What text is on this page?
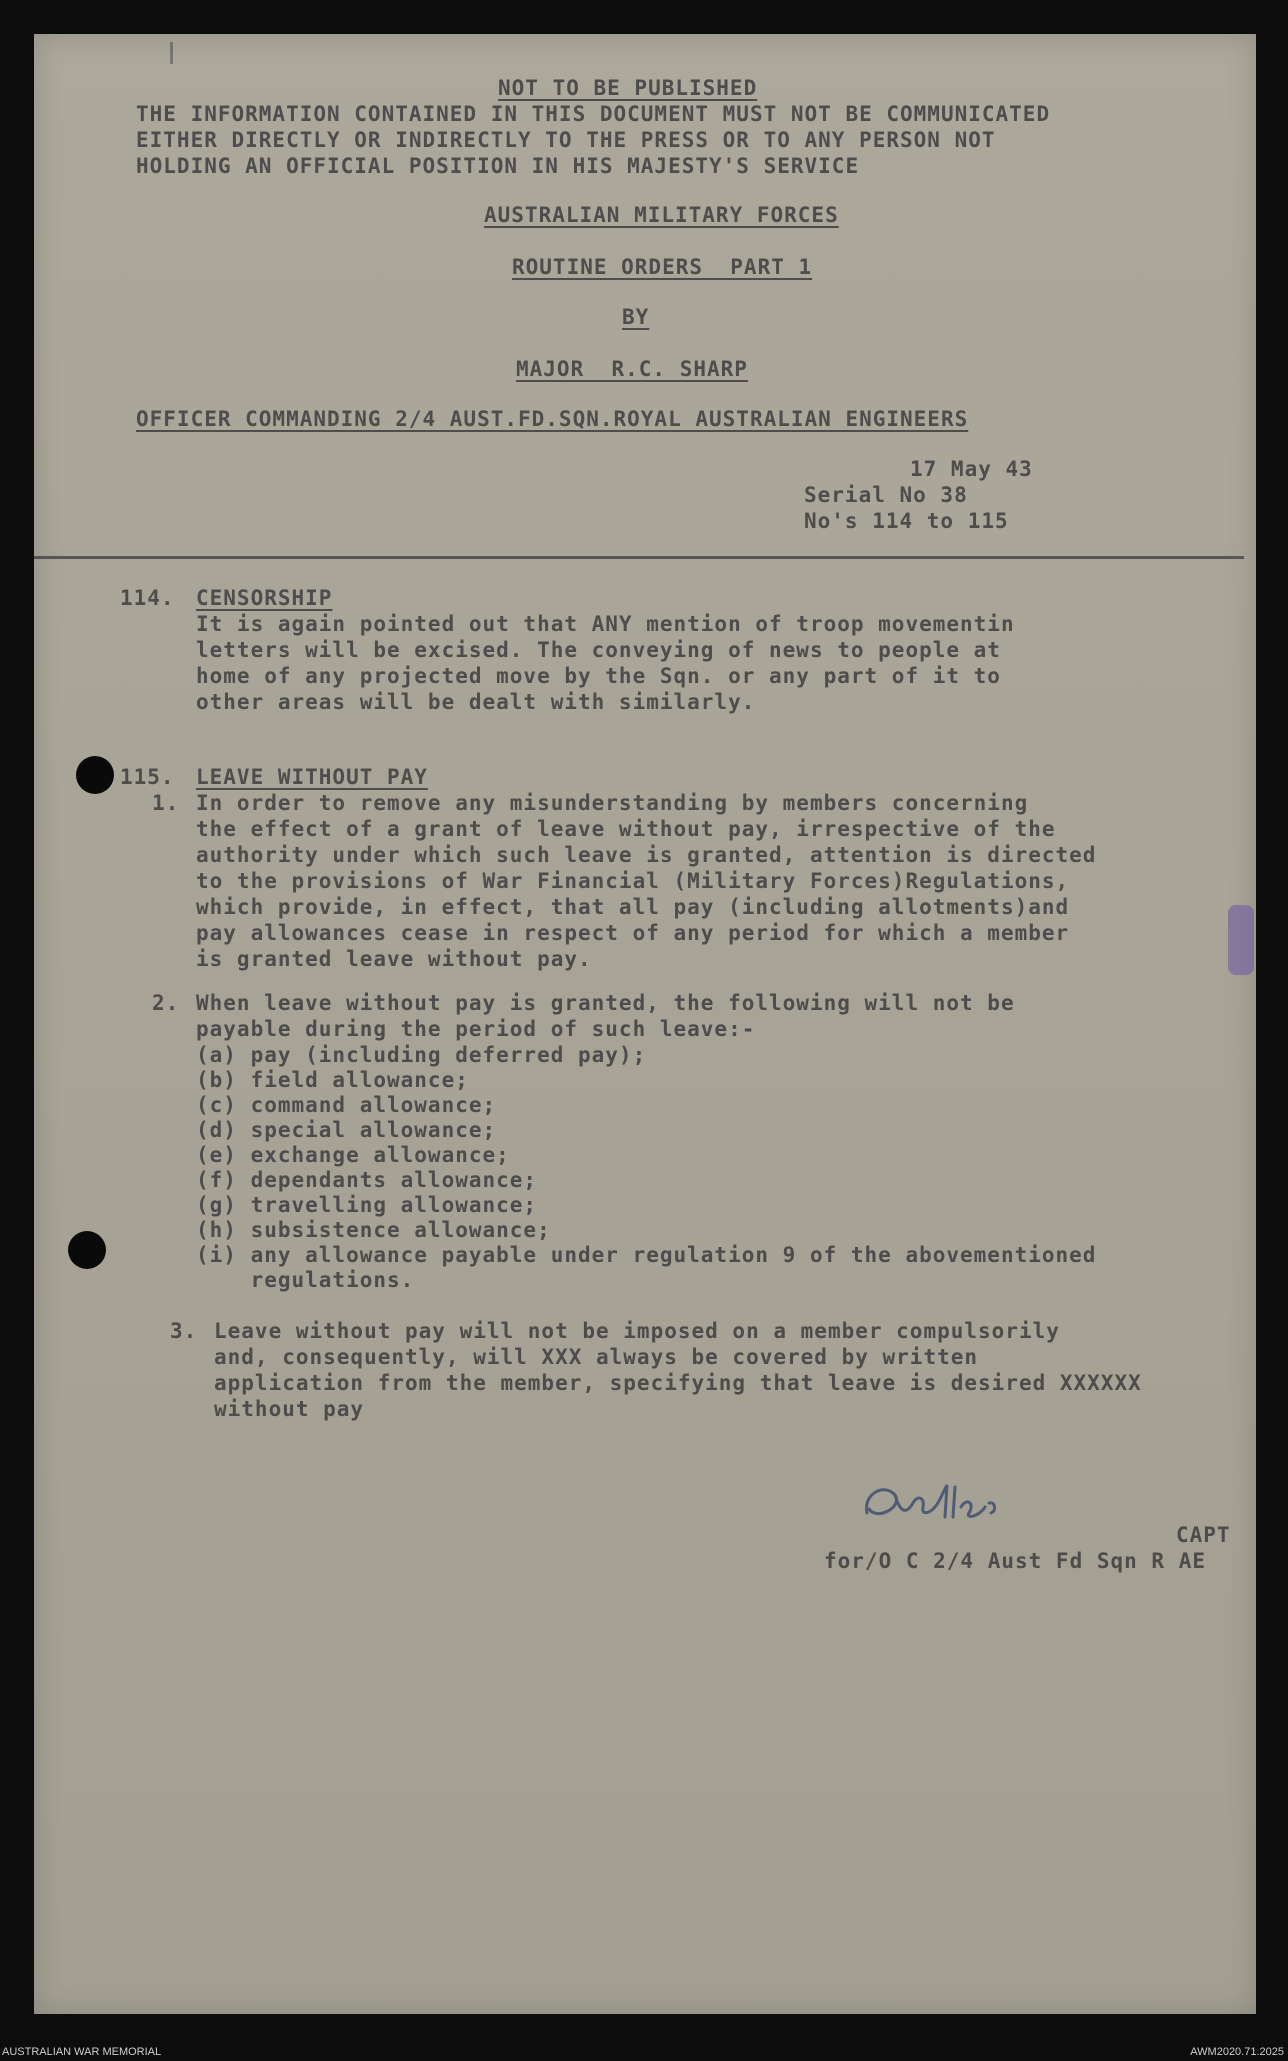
NOT TO BE PUBLISHED
THE INFORMATION CONTAINED IN THIS DOCUMENT MUST NOT BE COMMUNICATED
EITHER DIRECTLY OR INDIRECTLY TO THE PRESS OR TO ANY PERSON NOT
HOLDING AN OFFICIAL POSITION IN HIS MAJESTY'S SERVICE
AUSTRALIAN MILITARY FORCES
ROUTINE ORDERS  PART 1
BY
MAJOR  R.C. SHARP
OFFICER COMMANDING 2/4 AUST.FD.SQN.ROYAL AUSTRALIAN ENGINEERS
17 May 43
Serial No 38
No's 114 to 115
114. CENSORSHIP
It is again pointed out that ANY mention of troop movementin
letters will be excised. The conveying of news to people at
home of any projected move by the Sqn. or any part of it to
other areas will be dealt with similarly.
115. LEAVE WITHOUT PAY
1. In order to remove any misunderstanding by members concerning
the effect of a grant of leave without pay, irrespective of the
authority under which such leave is granted, attention is directed
to the provisions of War Financial (Military Forces)Regulations,
which provide, in effect, that all pay (including allotments)and
pay allowances cease in respect of any period for which a member
is granted leave without pay.
2. When leave without pay is granted, the following will not be
payable during the period of such leave:-
(a) pay (including deferred pay);
(b) field allowance;
(c) command allowance;
(d) special allowance;
(e) exchange allowance;
(f) dependants allowance;
(g) travelling allowance;
(h) subsistence allowance;
(i) any allowance payable under regulation 9 of the abovementioned
regulations.
3. Leave without pay will not be imposed on a member compulsorily
and, consequently, will XXX always be covered by written
application from the member, specifying that leave is desired XXXXXX
without pay
CAPT
for/O C 2/4 Aust Fd Sqn R AE
AUSTRALIAN WAR MEMORIAL	AWM2020.71.2025
